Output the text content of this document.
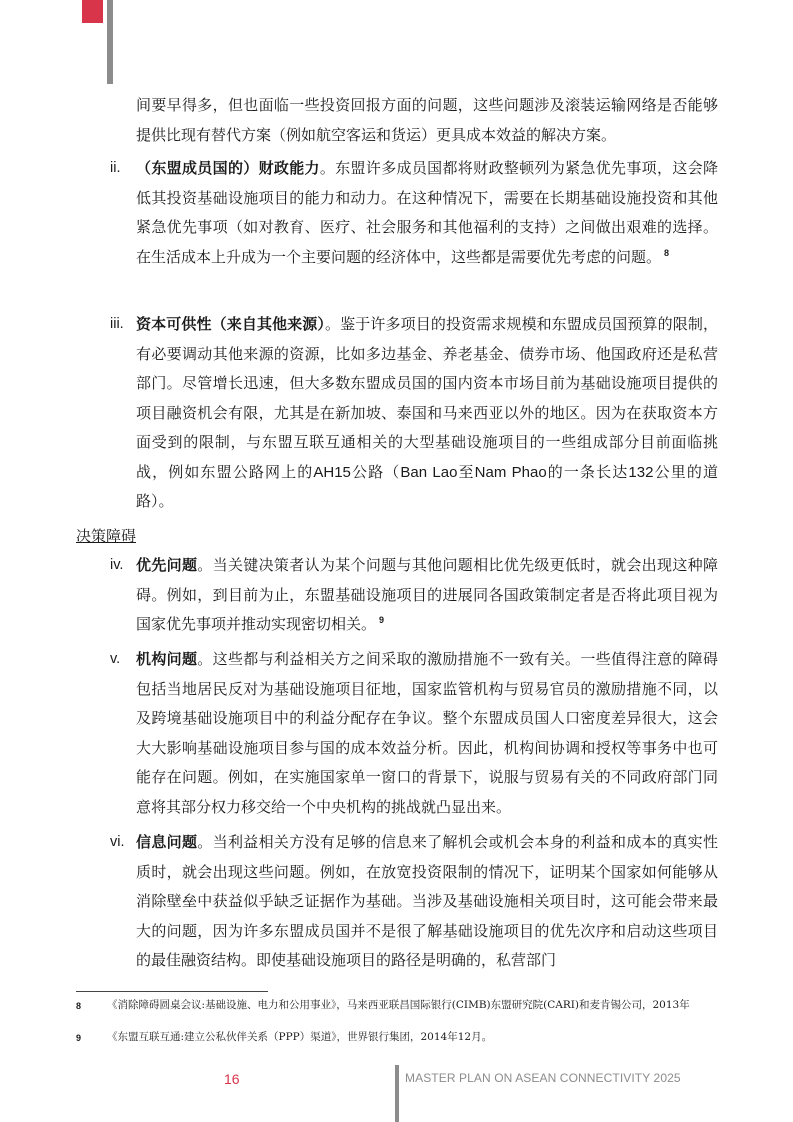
间要早得多，但也面临一些投资回报方面的问题，这些问题涉及滚装运输网络是否能够提供比现有替代方案（例如航空客运和货运）更具成本效益的解决方案。
ii. （东盟成员国的）财政能力。东盟许多成员国都将财政整顿列为紧急优先事项，这会降低其投资基础设施项目的能力和动力。在这种情况下，需要在长期基础设施投资和其他紧急优先事项（如对教育、医疗、社会服务和其他福利的支持）之间做出艰难的选择。在生活成本上升成为一个主要问题的经济体中，这些都是需要优先考虑的问题。 $^8$
iii. 资本可供性（来自其他来源）。鉴于许多项目的投资需求规模和东盟成员国预算的限制，有必要调动其他来源的资源，比如多边基金、养老基金、债券市场、他国政府还是私营部门。尽管增长迅速，但大多数东盟成员国的国内资本市场目前为基础设施项目提供的项目融资机会有限，尤其是在新加坡、泰国和马来西亚以外的地区。因为在获取资本方面受到的限制，与东盟互联互通相关的大型基础设施项目的一些组成部分目前面临挑战，例如东盟公路网上的AH15公路（Ban Lao至Nam Phao的一条长达132公里的道路）。
决策障碍
iv. 优先问题。当关键决策者认为某个问题与其他问题相比优先级更低时，就会出现这种障碍。例如，到目前为止，东盟基础设施项目的进展同各国政策制定者是否将此项目视为国家优先事项并推动实现密切相关。 $^9$
v. 机构问题。这些都与利益相关方之间采取的激励措施不一致有关。一些值得注意的障碍包括当地居民反对为基础设施项目征地，国家监管机构与贸易官员的激励措施不同，以及跨境基础设施项目中的利益分配存在争议。整个东盟成员国人口密度差异很大，这会大大影响基础设施项目参与国的成本效益分析。因此，机构间协调和授权等事务中也可能存在问题。例如，在实施国家单一窗口的背景下，说服与贸易有关的不同政府部门同意将其部分权力移交给一个中央机构的挑战就凸显出来。
vi. 信息问题。当利益相关方没有足够的信息来了解机会或机会本身的利益和成本的真实性质时，就会出现这些问题。例如，在放宽投资限制的情况下，证明某个国家如何能够从消除壁垒中获益似乎缺乏证据作为基础。当涉及基础设施相关项目时，这可能会带来最大的问题，因为许多东盟成员国并不是很了解基础设施项目的优先次序和启动这些项目的最佳融资结构。即使基础设施项目的路径是明确的，私营部门
8 《消除障碍圆桌会议:基础设施、电力和公用事业》，马来西亚联昌国际银行(CIMB)东盟研究院(CARI)和麦肯锡公司，2013年
9 《东盟互联互通:建立公私伙伴关系（PPP）渠道》，世界银行集团，2014年12月。
16	MASTER PLAN ON ASEAN CONNECTIVITY 2025
